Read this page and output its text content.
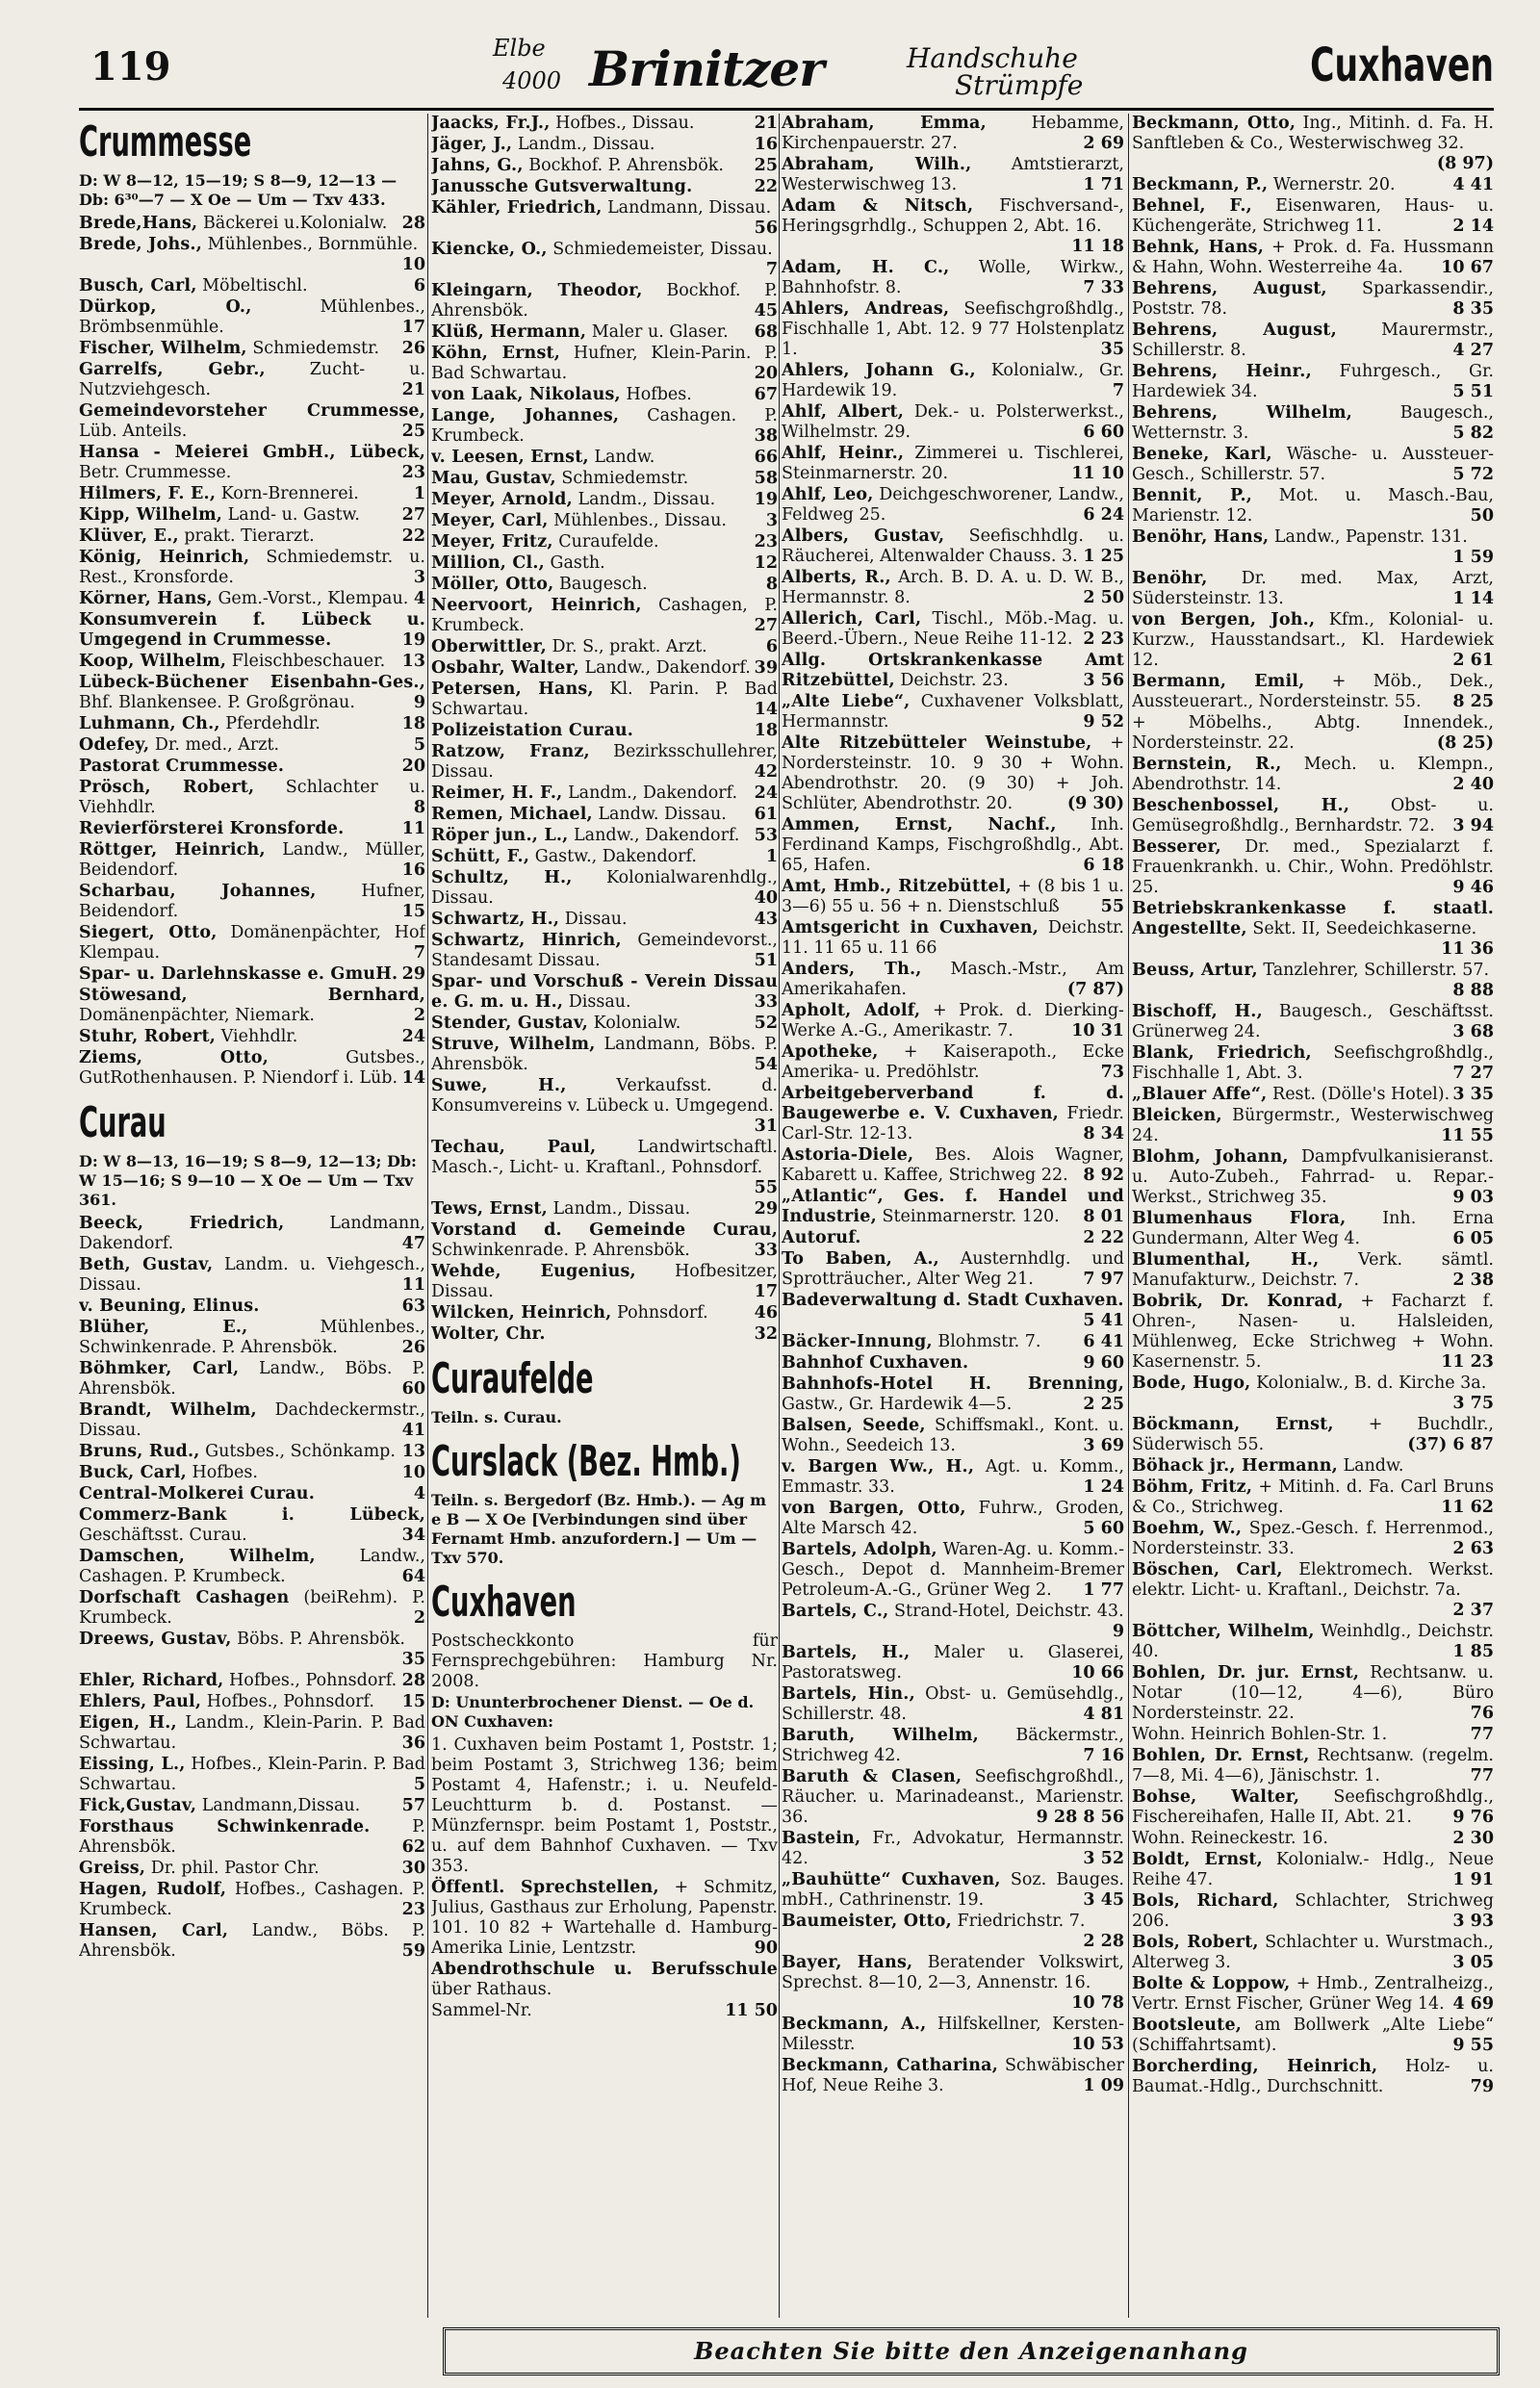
119	Elbe
4000 Brinitzer	Handschuhe
Strümpfe	Cuxhaven
Crummesse
D: W 8—12, 15—19; S 8—9, 12—13 — Db: 6³⁰—7 — X Oe — Um — Txv 433.
Brede,Hans, Bäckerei u.Kolonialw. 28
Brede, Johs., Mühlenbes., Bornmühle.
10
Busch, Carl, Möbeltischl.	6
Dürkop, O.,	Mühlenbes., Brömbsenmühle.	17
Fischer, Wilhelm, Schmiedemstr. 26
Garrelfs, Gebr.,	Zucht- u. Nutzviehgesch.	21
Gemeindevorsteher Crummesse, Lüb. Anteils.	25
Hansa - Meierei GmbH., Lübeck, Betr. Crummesse.	23
Hilmers, F. E., Korn-Brennerei.	1
Kipp, Wilhelm, Land- u. Gastw. 27
Klüver, E., prakt. Tierarzt.	22
König, Heinrich, Schmiedemstr. u. Rest., Kronsforde.	3
Körner, Hans, Gem.-Vorst., Klempau. 4
Konsumverein f. Lübeck u. Umgegend in Crummesse.	19
Koop, Wilhelm, Fleischbeschauer. 13
Lübeck-Büchener Eisenbahn-Ges., Bhf. Blankensee. P. Großgrönau.	9
Luhmann, Ch., Pferdehdlr.	18
Odefey, Dr. med., Arzt.	5
Pastorat Crummesse.	20
Prösch, Robert, Schlachter u. Viehhdlr.	8
Revierförsterei Kronsforde.	11
Röttger, Heinrich, Landw., Müller, Beidendorf.	16
Scharbau, Johannes,	Hufner, Beidendorf.	15
Siegert, Otto, Domänenpächter, Hof Klempau.	7
Spar- u. Darlehnskasse e. GmuH. 29
Stöwesand, Bernhard, Domänenpächter, Niemark.	2
Stuhr, Robert, Viehhdlr.	24
Ziems, Otto,	Gutsbes., GutRothenhausen. P. Niendorf i. Lüb. 14
Curau
D: W 8—13, 16—19; S 8—9, 12—13; Db: W 15—16; S 9—10 — X Oe — Um — Txv 361.
Beeck, Friedrich,	Landmann, Dakendorf.	47
Beth, Gustav, Landm. u. Viehgesch., Dissau.	11
v. Beuning, Elinus.	63
Blüher, E.,	Mühlenbes., Schwinkenrade. P. Ahrensbök.	26
Böhmker, Carl, Landw., Böbs. P. Ahrensbök.	60
Brandt, Wilhelm, Dachdeckermstr., Dissau.	41
Bruns, Rud., Gutsbes., Schönkamp. 13
Buck, Carl, Hofbes.	10
Central-Molkerei Curau.	4
Commerz-Bank i. Lübeck, Geschäftsst. Curau.	34
Damschen, Wilhelm,	Landw., Cashagen. P. Krumbeck.	64
Dorfschaft Cashagen (beiRehm). P. Krumbeck.	2
Dreews, Gustav, Böbs. P. Ahrensbök.
35
Ehler, Richard, Hofbes., Pohnsdorf. 28
Ehlers, Paul, Hofbes., Pohnsdorf. 15
Eigen, H., Landm., Klein-Parin. P. Bad Schwartau.	36
Eissing, L., Hofbes., Klein-Parin. P. Bad Schwartau.	5
Fick,Gustav, Landmann,Dissau. 57
Forsthaus Schwinkenrade. P. Ahrensbök.	62
Greiss, Dr. phil. Pastor Chr.	30
Hagen, Rudolf, Hofbes., Cashagen. P. Krumbeck.	23
Hansen, Carl, Landw., Böbs. P. Ahrensbök.	59
Jaacks, Fr.J., Hofbes., Dissau.	21
Jäger, J., Landm., Dissau.	16
Jahns, G., Bockhof. P. Ahrensbök. 25
Janussche Gutsverwaltung.	22
Kähler, Friedrich, Landmann, Dissau.
56
Kiencke, O., Schmiedemeister, Dissau.
7
Kleingarn, Theodor, Bockhof. P. Ahrensbök.	45
Klüß, Hermann, Maler u. Glaser. 68
Köhn, Ernst, Hufner, Klein-Parin. P. Bad Schwartau.	20
von Laak, Nikolaus, Hofbes.	67
Lange, Johannes, Cashagen. P. Krumbeck.	38
v. Leesen, Ernst, Landw.	66
Mau, Gustav, Schmiedemstr.	58
Meyer, Arnold, Landm., Dissau. 19
Meyer, Carl, Mühlenbes., Dissau. 3
Meyer, Fritz, Curaufelde.	23
Million, Cl., Gasth.	12
Möller, Otto, Baugesch.	8
Neervoort, Heinrich, Cashagen, P. Krumbeck.	27
Oberwittler, Dr. S., prakt. Arzt.	6
Osbahr, Walter, Landw., Dakendorf. 39
Petersen, Hans, Kl. Parin. P. Bad Schwartau.	14
Polizeistation Curau.	18
Ratzow, Franz, Bezirksschullehrer, Dissau.	42
Reimer, H. F., Landm., Dakendorf. 24
Remen, Michael, Landw. Dissau. 61
Röper jun., L., Landw., Dakendorf. 53
Schütt, F., Gastw., Dakendorf.	1
Schultz, H., Kolonialwarenhdlg., Dissau.	40
Schwartz, H., Dissau.	43
Schwartz, Hinrich, Gemeindevorst., Standesamt Dissau.	51
Spar- und Vorschuß - Verein Dissau e. G. m. u. H., Dissau.	33
Stender, Gustav, Kolonialw.	52
Struve, Wilhelm, Landmann, Böbs. P. Ahrensbök.	54
Suwe, H.,	Verkaufsst. d. Konsumvereins v. Lübeck u. Umgegend.
31
Techau, Paul, Landwirtschaftl. Masch.-, Licht- u. Kraftanl., Pohnsdorf.
55
Tews, Ernst, Landm., Dissau.	29
Vorstand d. Gemeinde Curau, Schwinkenrade. P. Ahrensbök.	33
Wehde, Eugenius, Hofbesitzer, Dissau.	17
Wilcken, Heinrich, Pohnsdorf.	46
Wolter, Chr.	32
Curaufelde
Teiln. s. Curau.
Curslack (Bez. Hmb.)
Teiln. s. Bergedorf (Bz. Hmb.). — Ag m e B — X Oe [Verbindungen sind über Fernamt Hmb. anzufordern.] — Um — Txv 570.
Cuxhaven
Postscheckkonto für Fernsprechgebühren: Hamburg Nr. 2008.
D: Ununterbrochener Dienst. — Oe d. ON Cuxhaven:
1. Cuxhaven beim Postamt 1, Poststr. 1; beim Postamt 3, Strichweg 136; beim Postamt 4, Hafenstr.; i. u. Neufeld-Leuchtturm b. d. Postanst. — Münzfernspr. beim Postamt 1, Poststr., u. auf dem Bahnhof Cuxhaven. — Txv 353.
Öffentl. Sprechstellen, + Schmitz, Julius, Gasthaus zur Erholung, Papenstr. 101. 10 82 + Wartehalle d. Hamburg-Amerika Linie, Lentzstr.	90
Abendrothschule u. Berufsschule über Rathaus.
Sammel-Nr.	11 50
Abraham, Emma,	Hebamme, Kirchenpauerstr. 27.	2 69
Abraham, Wilh., Amtstierarzt, Westerwischweg 13.	1 71
Adam & Nitsch, Fischversand-, Heringsgrhdlg., Schuppen 2, Abt. 16.
11 18
Adam, H. C., Wolle, Wirkw., Bahnhofstr. 8.	7 33
Ahlers, Andreas, Seefischgroßhdlg., Fischhalle 1, Abt. 12. 9 77 Holstenplatz 1.	35
Ahlers, Johann G., Kolonialw., Gr. Hardewik 19.	7
Ahlf, Albert, Dek.- u. Polsterwerkst., Wilhelmstr. 29.	6 60
Ahlf, Heinr., Zimmerei u. Tischlerei, Steinmarnerstr. 20.	11 10
Ahlf, Leo, Deichgeschworener, Landw., Feldweg 25.	6 24
Albers, Gustav, Seefischhdlg. u. Räucherei, Altenwalder Chauss. 3. 1 25
Alberts, R., Arch. B. D. A. u. D. W. B., Hermannstr. 8.	2 50
Allerich, Carl, Tischl., Möb.-Mag. u. Beerd.-Übern., Neue Reihe 11-12. 2 23
Allg. Ortskrankenkasse Amt Ritzebüttel, Deichstr. 23.	3 56
„Alte Liebe“, Cuxhavener Volksblatt, Hermannstr.	9 52
Alte Ritzebütteler Weinstube, + Nordersteinstr. 10. 9 30 + Wohn. Abendrothstr. 20. (9 30) + Joh. Schlüter, Abendrothstr. 20.	(9 30)
Ammen, Ernst, Nachf., Inh. Ferdinand Kamps, Fischgroßhdlg., Abt. 65, Hafen.	6 18
Amt, Hmb., Ritzebüttel, + (8 bis 1 u. 3—6) 55 u. 56 + n. Dienstschluß 55
Amtsgericht in Cuxhaven, Deichstr. 11. 11 65 u. 11 66
Anders, Th., Masch.-Mstr., Am Amerikahafen.	(7 87)
Apholt, Adolf, + Prok. d. Dierking-Werke A.-G., Amerikastr. 7.	10 31
Apotheke, + Kaiserapoth., Ecke Amerika- u. Predöhlstr.	73
Arbeitgeberverband f. d. Baugewerbe e. V. Cuxhaven, Friedr. Carl-Str. 12-13.	8 34
Astoria-Diele, Bes. Alois Wagner, Kabarett u. Kaffee, Strichweg 22. 8 92
„Atlantic“, Ges. f. Handel und Industrie, Steinmarnerstr. 120. 8 01
Autoruf.	2 22
To Baben, A., Austernhdlg. und Sprotträucher., Alter Weg 21.	7 97
Badeverwaltung d. Stadt Cuxhaven.
5 41
Bäcker-Innung, Blohmstr. 7.	6 41
Bahnhof Cuxhaven.	9 60
Bahnhofs-Hotel H. Brenning, Gastw., Gr. Hardewik 4—5.	2 25
Balsen, Seede, Schiffsmakl., Kont. u. Wohn., Seedeich 13.	3 69
v. Bargen Ww., H., Agt. u. Komm., Emmastr. 33.	1 24
von Bargen, Otto, Fuhrw., Groden, Alte Marsch 42.	5 60
Bartels, Adolph, Waren-Ag. u. Komm.-Gesch., Depot d. Mannheim-Bremer Petroleum-A.-G., Grüner Weg 2. 1 77
Bartels, C., Strand-Hotel, Deichstr. 43.
9
Bartels, H., Maler u. Glaserei, Pastoratsweg.	10 66
Bartels, Hin., Obst- u. Gemüsehdlg., Schillerstr. 48.	4 81
Baruth, Wilhelm, Bäckermstr., Strichweg 42.	7 16
Baruth & Clasen, Seefischgroßhdl., Räucher. u. Marinadeanst., Marienstr. 36.	9 28 8 56
Bastein, Fr., Advokatur, Hermannstr. 42.	3 52
„Bauhütte“ Cuxhaven, Soz. Bauges. mbH., Cathrinenstr. 19.	3 45
Baumeister, Otto, Friedrichstr. 7.
2 28
Bayer, Hans, Beratender Volkswirt, Sprechst. 8—10, 2—3, Annenstr. 16.
10 78
Beckmann, A., Hilfskellner, Kersten-Milesstr.	10 53
Beckmann, Catharina, Schwäbischer Hof, Neue Reihe 3.	1 09
Beckmann, Otto, Ing., Mitinh. d. Fa. H. Sanftleben & Co., Westerwischweg 32.
(8 97)
Beckmann, P., Wernerstr. 20.	4 41
Behnel, F., Eisenwaren, Haus- u. Küchengeräte, Strichweg 11.	2 14
Behnk, Hans, + Prok. d. Fa. Hussmann & Hahn, Wohn. Westerreihe 4a. 10 67
Behrens, August, Sparkassendir., Poststr. 78.	8 35
Behrens, August,	Maurermstr., Schillerstr. 8.	4 27
Behrens, Heinr., Fuhrgesch., Gr. Hardewiek 34.	5 51
Behrens, Wilhelm,	Baugesch., Wetternstr. 3.	5 82
Beneke, Karl, Wäsche- u. Aussteuer-Gesch., Schillerstr. 57.	5 72
Bennit, P., Mot. u. Masch.-Bau, Marienstr. 12.	50
Benöhr, Hans, Landw., Papenstr. 131.
1 59
Benöhr, Dr. med. Max, Arzt, Südersteinstr. 13.	1 14
von Bergen, Joh., Kfm., Kolonial- u. Kurzw., Hausstandsart., Kl. Hardewiek 12.	2 61
Bermann, Emil, + Möb., Dek., Aussteuerart., Nordersteinstr. 55. 8 25
+ Möbelhs., Abtg. Innendek., Nordersteinstr. 22.	(8 25)
Bernstein, R., Mech. u. Klempn., Abendrothstr. 14.	2 40
Beschenbossel, H., Obst- u. Gemüsegroßhdlg., Bernhardstr. 72. 3 94
Besserer, Dr. med., Spezialarzt f. Frauenkrankh. u. Chir., Wohn. Predöhlstr. 25.	9 46
Betriebskrankenkasse f. staatl. Angestellte, Sekt. II, Seedeichkaserne.
11 36
Beuss, Artur, Tanzlehrer, Schillerstr. 57.
8 88
Bischoff, H., Baugesch., Geschäftsst. Grünerweg 24.	3 68
Blank, Friedrich, Seefischgroßhdlg., Fischhalle 1, Abt. 3.	7 27
„Blauer Affe“, Rest. (Dölle's Hotel). 3 35
Bleicken, Bürgermstr., Westerwischweg 24.	11 55
Blohm, Johann, Dampfvulkanisieranst. u. Auto-Zubeh., Fahrrad- u. Repar.-Werkst., Strichweg 35.	9 03
Blumenhaus Flora, Inh. Erna Gundermann, Alter Weg 4.	6 05
Blumenthal, H., Verk. sämtl. Manufakturw., Deichstr. 7.	2 38
Bobrik, Dr. Konrad, + Facharzt f. Ohren-, Nasen- u. Halsleiden, Mühlenweg, Ecke Strichweg + Wohn. Kasernenstr. 5.	11 23
Bode, Hugo, Kolonialw., B. d. Kirche 3a.
3 75
Böckmann, Ernst, + Buchdlr., Süderwisch 55.	(37) 6 87
Böhack jr., Hermann, Landw.
Böhm, Fritz, + Mitinh. d. Fa. Carl Bruns & Co., Strichweg.	11 62
Boehm, W., Spez.-Gesch. f. Herrenmod., Nordersteinstr. 33.	2 63
Böschen, Carl, Elektromech. Werkst. elektr. Licht- u. Kraftanl., Deichstr. 7a.
2 37
Böttcher, Wilhelm, Weinhdlg., Deichstr. 40.	1 85
Bohlen, Dr. jur. Ernst, Rechtsanw. u. Notar (10—12, 4—6), Büro Nordersteinstr. 22.	76
Wohn. Heinrich Bohlen-Str. 1.	77
Bohlen, Dr. Ernst, Rechtsanw. (regelm. 7—8, Mi. 4—6), Jänischstr. 1.	77
Bohse, Walter, Seefischgroßhdlg., Fischereihafen, Halle II, Abt. 21. 9 76
Wohn. Reineckestr. 16.	2 30
Boldt, Ernst, Kolonialw.- Hdlg., Neue Reihe 47.	1 91
Bols, Richard, Schlachter, Strichweg 206.	3 93
Bols, Robert, Schlachter u. Wurstmach., Alterweg 3.	3 05
Bolte & Loppow, + Hmb., Zentralheizg., Vertr. Ernst Fischer, Grüner Weg 14. 4 69
Bootsleute, am Bollwerk „Alte Liebe“ (Schiffahrtsamt).	9 55
Borcherding, Heinrich, Holz- u. Baumat.-Hdlg., Durchschnitt.	79
Beachten Sie bitte den Anzeigenanhang
